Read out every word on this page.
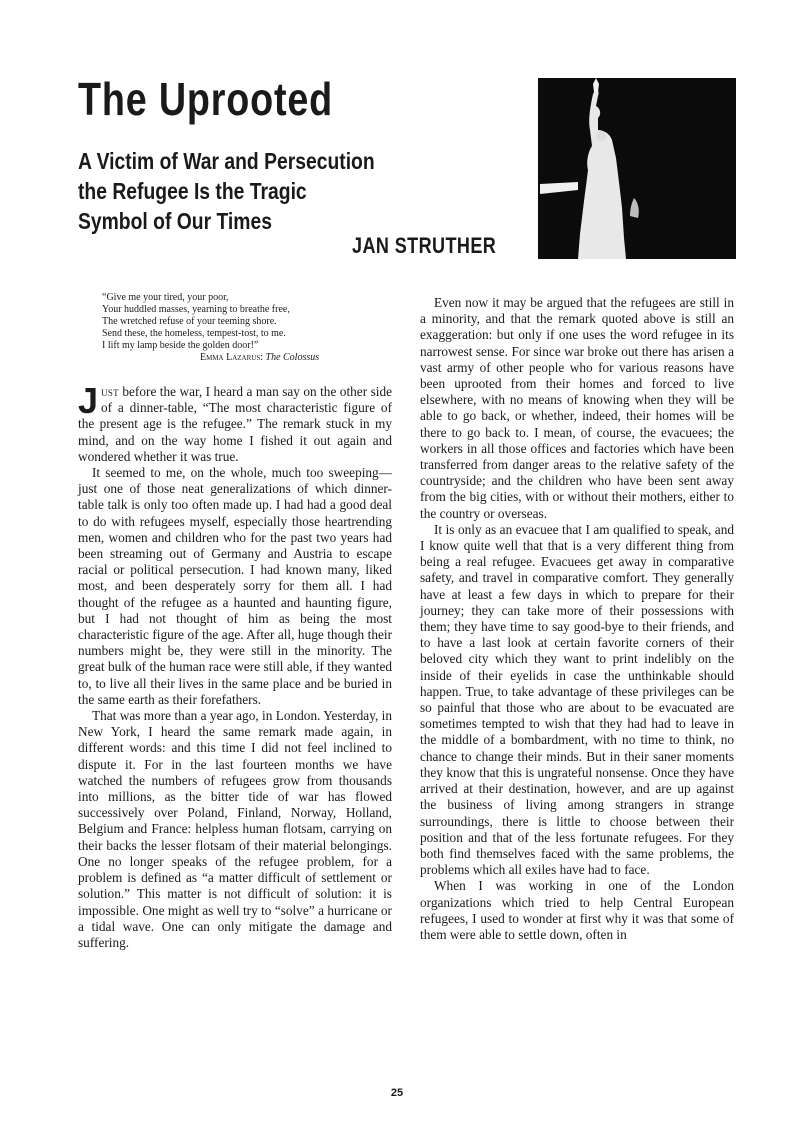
The Uprooted
A Victim of War and Persecution
the Refugee Is the Tragic
Symbol of Our Times
JAN STRUTHER
“Give me your tired, your poor,
Your huddled masses, yearning to breathe free,
The wretched refuse of your teeming shore.
Send these, the homeless, tempest-tost, to me.
I lift my lamp beside the golden door!”
Emma Lazarus: The Colossus

Just before the war, I heard a man say on the other side of a dinner-table, “The most characteristic figure of the present age is the refugee.” The remark stuck in my mind, and on the way home I fished it out again and wondered whether it was true.

It seemed to me, on the whole, much too sweeping—just one of those neat generalizations of which dinner-table talk is only too often made up. I had had a good deal to do with refugees myself, especially those heartrending men, women and children who for the past two years had been streaming out of Germany and Austria to escape racial or political persecution. I had known many, liked most, and been desperately sorry for them all. I had thought of the refugee as a haunted and haunting figure, but I had not thought of him as being the most characteristic figure of the age. After all, huge though their numbers might be, they were still in the minority. The great bulk of the human race were still able, if they wanted to, to live all their lives in the same place and be buried in the same earth as their forefathers.

That was more than a year ago, in London. Yesterday, in New York, I heard the same remark made again, in different words: and this time I did not feel inclined to dispute it. For in the last fourteen months we have watched the numbers of refugees grow from thousands into millions, as the bitter tide of war has flowed successively over Poland, Finland, Norway, Holland, Belgium and France: helpless human flotsam, carrying on their backs the lesser flotsam of their material belongings. One no longer speaks of the refugee problem, for a problem is defined as “a matter difficult of settlement or solution.” This matter is not difficult of solution: it is impossible. One might as well try to “solve” a hurricane or a tidal wave. One can only mitigate the damage and suffering.

Even now it may be argued that the refugees are still in a minority, and that the remark quoted above is still an exaggeration: but only if one uses the word refugee in its narrowest sense. For since war broke out there has arisen a vast army of other people who for various reasons have been uprooted from their homes and forced to live elsewhere, with no means of knowing when they will be able to go back, or whether, indeed, their homes will be there to go back to. I mean, of course, the evacuees; the workers in all those offices and factories which have been transferred from danger areas to the relative safety of the countryside; and the children who have been sent away from the big cities, with or without their mothers, either to the country or overseas.

It is only as an evacuee that I am qualified to speak, and I know quite well that that is a very different thing from being a real refugee. Evacuees get away in comparative safety, and travel in comparative comfort. They generally have at least a few days in which to prepare for their journey; they can take more of their possessions with them; they have time to say good-bye to their friends, and to have a last look at certain favorite corners of their beloved city which they want to print indelibly on the inside of their eyelids in case the unthinkable should happen. True, to take advantage of these privileges can be so painful that those who are about to be evacuated are sometimes tempted to wish that they had had to leave in the middle of a bombardment, with no time to think, no chance to change their minds. But in their saner moments they know that this is ungrateful nonsense. Once they have arrived at their destination, however, and are up against the business of living among strangers in strange surroundings, there is little to choose between their position and that of the less fortunate refugees. For they both find themselves faced with the same problems, the problems which all exiles have had to face.

When I was working in one of the London organizations which tried to help Central European refugees, I used to wonder at first why it was that some of them were able to settle down, often in

25
